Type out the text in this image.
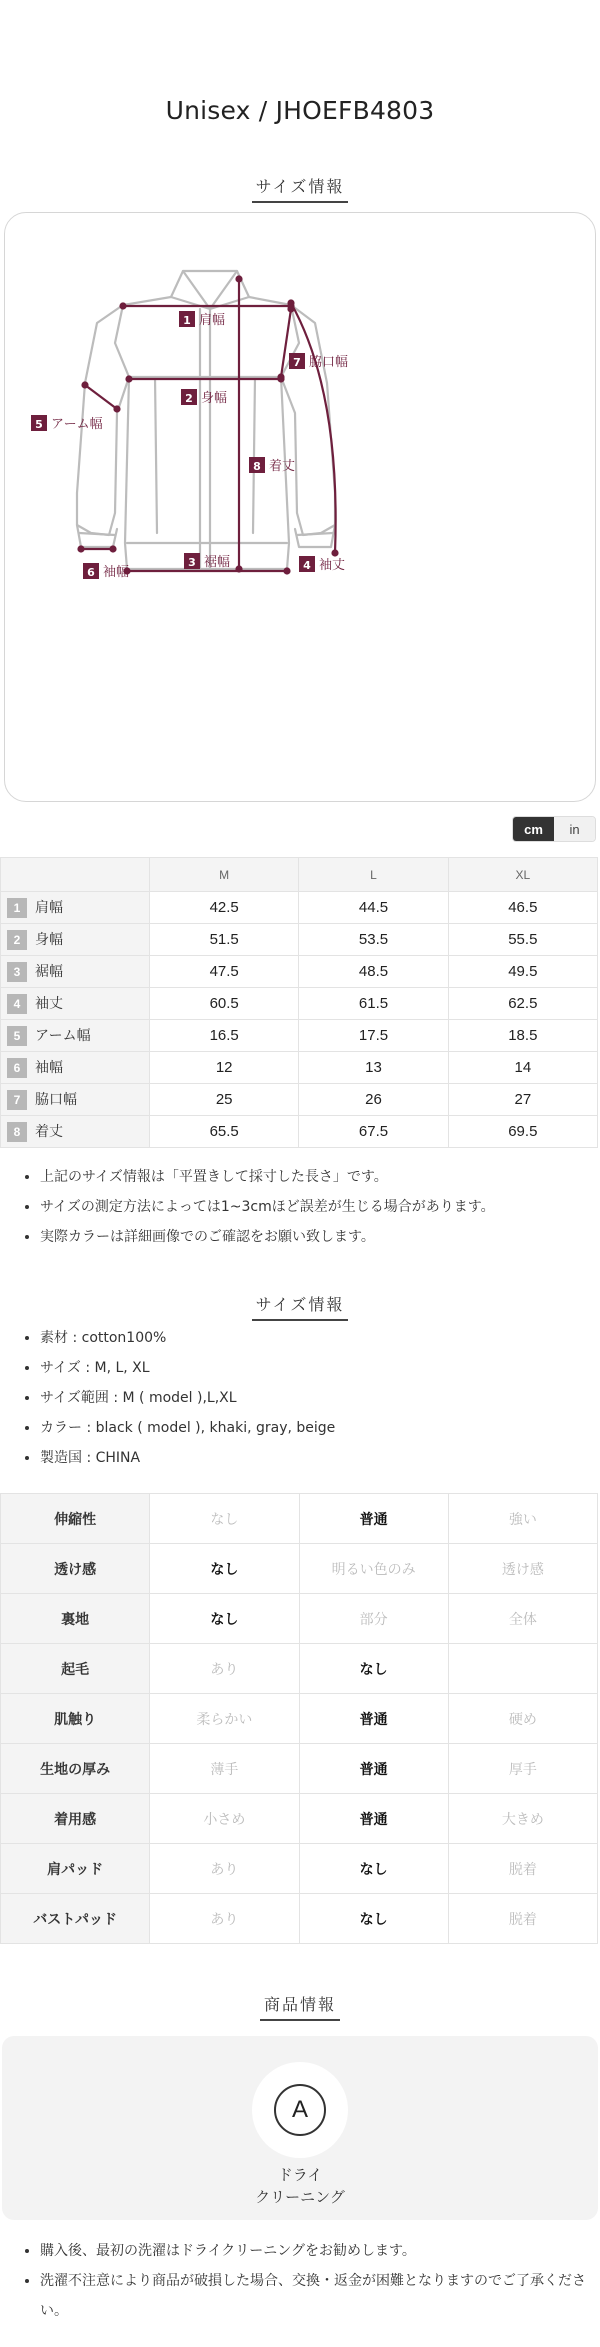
Unisex / JHOEFB4803
サイズ情報
1 肩幅
2 身幅
3 裾幅	4 袖丈
5 アーム幅
6 袖幅
7 脇口幅
8 着丈
cm	in
	M	L	XL
1 肩幅	42.5	44.5	46.5
2 身幅	51.5	53.5	55.5
3 裾幅	47.5	48.5	49.5
4 袖丈	60.5	61.5	62.5
5 アーム幅	16.5	17.5	18.5
6 袖幅	12	13	14
7 脇口幅	25	26	27
8 着丈	65.5	67.5	69.5
• 上記のサイズ情報は「平置きして採寸した長さ」です。
• サイズの測定方法によっては1~3cmほど誤差が生じる場合があります。
• 実際カラーは詳細画像でのご確認をお願い致します。
サイズ情報
• 素材 : cotton100%
• サイズ : M, L, XL
• サイズ範囲 : M ( model ),L,XL
• カラー : black ( model ), khaki, gray, beige
• 製造国 : CHINA
伸縮性	なし	普通	強い
透け感	なし	明るい色のみ	透け感
裏地	なし	部分	全体
起毛	あり	なし	
肌触り	柔らかい	普通	硬め
生地の厚み	薄手	普通	厚手
着用感	小さめ	普通	大きめ
肩パッド	あり	なし	脱着
バストパッド	あり	なし	脱着
商品情報
A
ドライ
クリーニング
• 購入後、最初の洗濯はドライクリーニングをお勧めします。
• 洗濯不注意により商品が破損した場合、交換・返金が困難となりますのでご了承ください。
